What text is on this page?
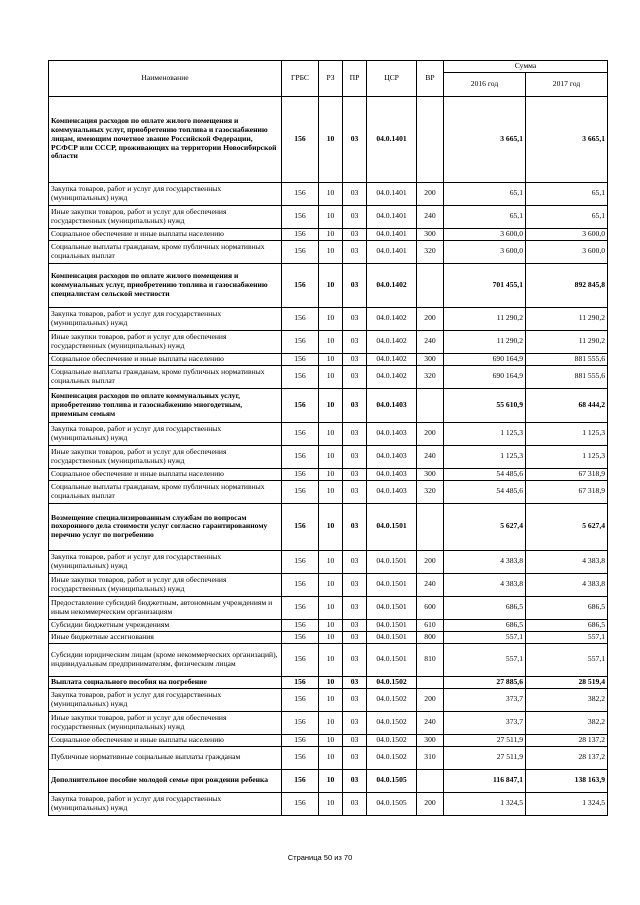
Наименование	ГРБС	РЗ	ПР	ЦСР	ВР	Сумма	
						2016 год	2017 год
Компенсация расходов по оплате жилого помещения и коммунальных услуг, приобретению топлива и газоснабжению лицам, имеющим почетное звание Российской Федерации, РСФСР или СССР, проживающих на территории Новосибирской области	156	10	03	04.0.1401		3 665,1	3 665,1
Закупка товаров, работ и услуг для государственных (муниципальных) нужд	156	10	03	04.0.1401	200	65,1	65,1
Иные закупки товаров, работ и услуг для обеспечения государственных (муниципальных) нужд	156	10	03	04.0.1401	240	65,1	65,1
Социальное обеспечение и иные выплаты населению	156	10	03	04.0.1401	300	3 600,0	3 600,0
Социальные выплаты гражданам, кроме публичных нормативных социальных выплат	156	10	03	04.0.1401	320	3 600,0	3 600,0
Компенсация расходов по оплате жилого помещения и коммунальных услуг, приобретению топлива и газоснабжению специалистам сельской местности	156	10	03	04.0.1402		701 455,1	892 845,8
Закупка товаров, работ и услуг для государственных (муниципальных) нужд	156	10	03	04.0.1402	200	11 290,2	11 290,2
Иные закупки товаров, работ и услуг для обеспечения государственных (муниципальных) нужд	156	10	03	04.0.1402	240	11 290,2	11 290,2
Социальное обеспечение и иные выплаты населению	156	10	03	04.0.1402	300	690 164,9	881 555,6
Социальные выплаты гражданам, кроме публичных нормативных социальных выплат	156	10	03	04.0.1402	320	690 164,9	881 555,6
Компенсация расходов по оплате коммунальных услуг, приобретению топлива и газоснабжению многодетным, приемным семьям	156	10	03	04.0.1403		55 610,9	68 444,2
Закупка товаров, работ и услуг для государственных (муниципальных) нужд	156	10	03	04.0.1403	200	1 125,3	1 125,3
Иные закупки товаров, работ и услуг для обеспечения государственных (муниципальных) нужд	156	10	03	04.0.1403	240	1 125,3	1 125,3
Социальное обеспечение и иные выплаты населению	156	10	03	04.0.1403	300	54 485,6	67 318,9
Социальные выплаты гражданам, кроме публичных нормативных социальных выплат	156	10	03	04.0.1403	320	54 485,6	67 318,9
Возмещение специализированным службам по вопросам похоронного дела стоимости услуг согласно гарантированному перечню услуг по погребению	156	10	03	04.0.1501		5 627,4	5 627,4
Закупка товаров, работ и услуг для государственных (муниципальных) нужд	156	10	03	04.0.1501	200	4 383,8	4 383,8
Иные закупки товаров, работ и услуг для обеспечения государственных (муниципальных) нужд	156	10	03	04.0.1501	240	4 383,8	4 383,8
Предоставление субсидий бюджетным, автономным учреждениям и иным некоммерческим организациям	156	10	03	04.0.1501	600	686,5	686,5
Субсидии бюджетным учреждениям	156	10	03	04.0.1501	610	686,5	686,5
Иные бюджетные ассигнования	156	10	03	04.0.1501	800	557,1	557,1
Субсидии юридическим лицам (кроме некоммерческих организаций), индивидуальным предпринимателям, физическим лицам	156	10	03	04.0.1501	810	557,1	557,1
Выплата социального пособия на погребение	156	10	03	04.0.1502		27 885,6	28 519,4
Закупка товаров, работ и услуг для государственных (муниципальных) нужд	156	10	03	04.0.1502	200	373,7	382,2
Иные закупки товаров, работ и услуг для обеспечения государственных (муниципальных) нужд	156	10	03	04.0.1502	240	373,7	382,2
Социальное обеспечение и иные выплаты населению	156	10	03	04.0.1502	300	27 511,9	28 137,2
Публичные нормативные социальные выплаты гражданам	156	10	03	04.0.1502	310	27 511,9	28 137,2
Дополнительное пособие молодой семье при рождении ребенка	156	10	03	04.0.1505		116 847,1	138 163,9
Закупка товаров, работ и услуг для государственных (муниципальных) нужд	156	10	03	04.0.1505	200	1 324,5	1 324,5
Страница 50 из 70
